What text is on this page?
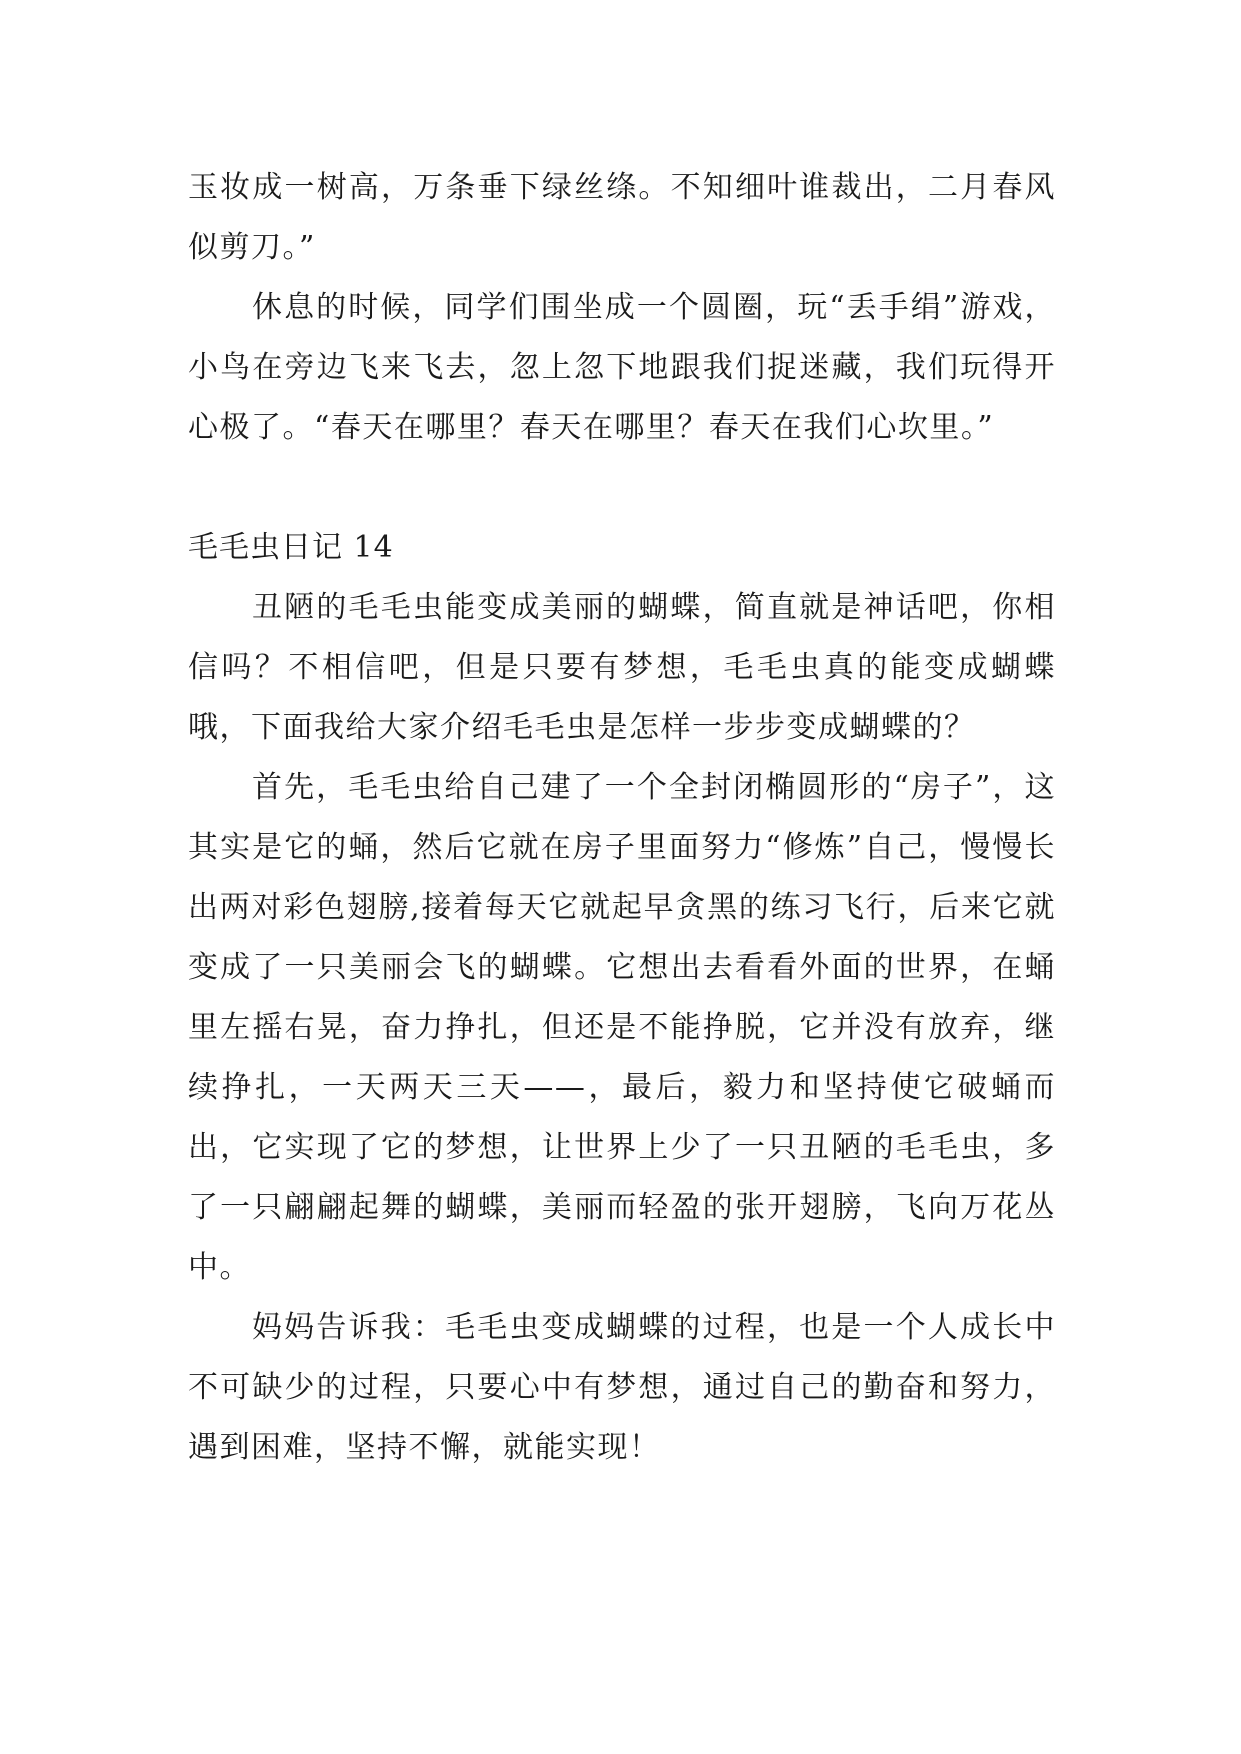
玉妆成一树高，万条垂下绿丝绦。不知细叶谁裁出，二月春风似剪刀。”

休息的时候，同学们围坐成一个圆圈，玩“丢手绢”游戏，小鸟在旁边飞来飞去，忽上忽下地跟我们捉迷藏，我们玩得开心极了。“春天在哪里？春天在哪里？春天在我们心坎里。”

毛毛虫日记 14

丑陋的毛毛虫能变成美丽的蝴蝶，简直就是神话吧，你相信吗？不相信吧，但是只要有梦想，毛毛虫真的能变成蝴蝶哦，下面我给大家介绍毛毛虫是怎样一步步变成蝴蝶的？

首先，毛毛虫给自己建了一个全封闭椭圆形的“房子”，这其实是它的蛹，然后它就在房子里面努力“修炼”自己，慢慢长出两对彩色翅膀,接着每天它就起早贪黑的练习飞行，后来它就变成了一只美丽会飞的蝴蝶。它想出去看看外面的世界，在蛹里左摇右晃，奋力挣扎，但还是不能挣脱，它并没有放弃，继续挣扎，一天两天三天——，最后，毅力和坚持使它破蛹而出，它实现了它的梦想，让世界上少了一只丑陋的毛毛虫，多了一只翩翩起舞的蝴蝶，美丽而轻盈的张开翅膀，飞向万花丛中。

妈妈告诉我：毛毛虫变成蝴蝶的过程，也是一个人成长中不可缺少的过程，只要心中有梦想，通过自己的勤奋和努力，遇到困难，坚持不懈，就能实现！
